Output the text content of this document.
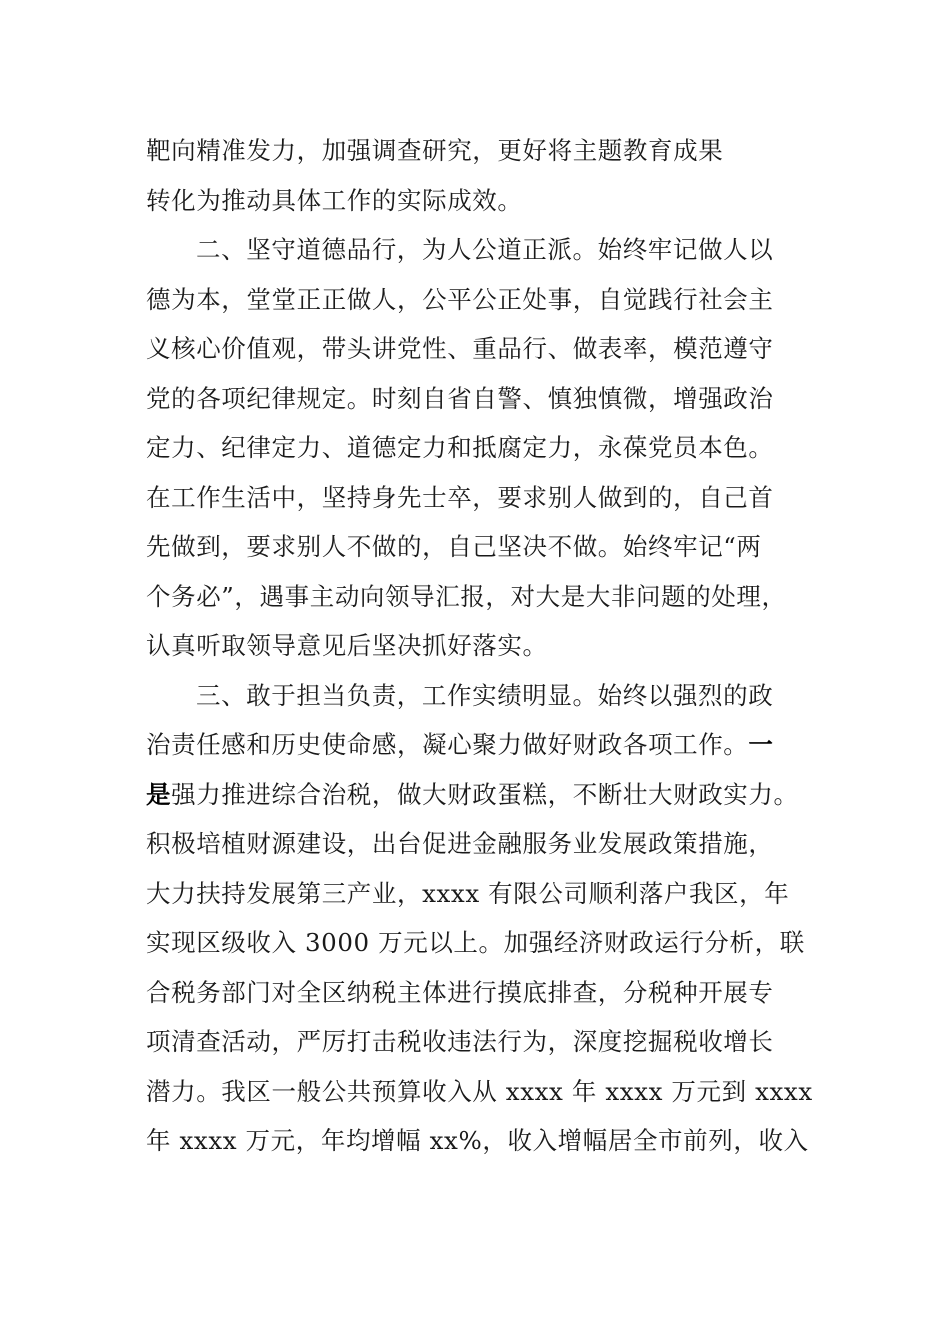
靶向精准发力，加强调查研究，更好将主题教育成果
转化为推动具体工作的实际成效。
二、坚守道德品行，为人公道正派。始终牢记做人以
德为本，堂堂正正做人，公平公正处事，自觉践行社会主
义核心价值观，带头讲党性、重品行、做表率，模范遵守
党的各项纪律规定。时刻自省自警、慎独慎微，增强政治
定力、纪律定力、道德定力和抵腐定力，永葆党员本色。
在工作生活中，坚持身先士卒，要求别人做到的，自己首
先做到，要求别人不做的，自己坚决不做。始终牢记“两
个务必”，遇事主动向领导汇报，对大是大非问题的处理，
认真听取领导意见后坚决抓好落实。
三、敢于担当负责，工作实绩明显。始终以强烈的政
治责任感和历史使命感，凝心聚力做好财政各项工作。一
是强力推进综合治税，做大财政蛋糕，不断壮大财政实力。
积极培植财源建设，出台促进金融服务业发展政策措施，
大力扶持发展第三产业，xxxx 有限公司顺利落户我区，年
实现区级收入 3000 万元以上。加强经济财政运行分析，联
合税务部门对全区纳税主体进行摸底排查，分税种开展专
项清查活动，严厉打击税收违法行为，深度挖掘税收增长
潜力。我区一般公共预算收入从 xxxx 年 xxxx 万元到 xxxx
年 xxxx 万元，年均增幅 xx%，收入增幅居全市前列，收入
